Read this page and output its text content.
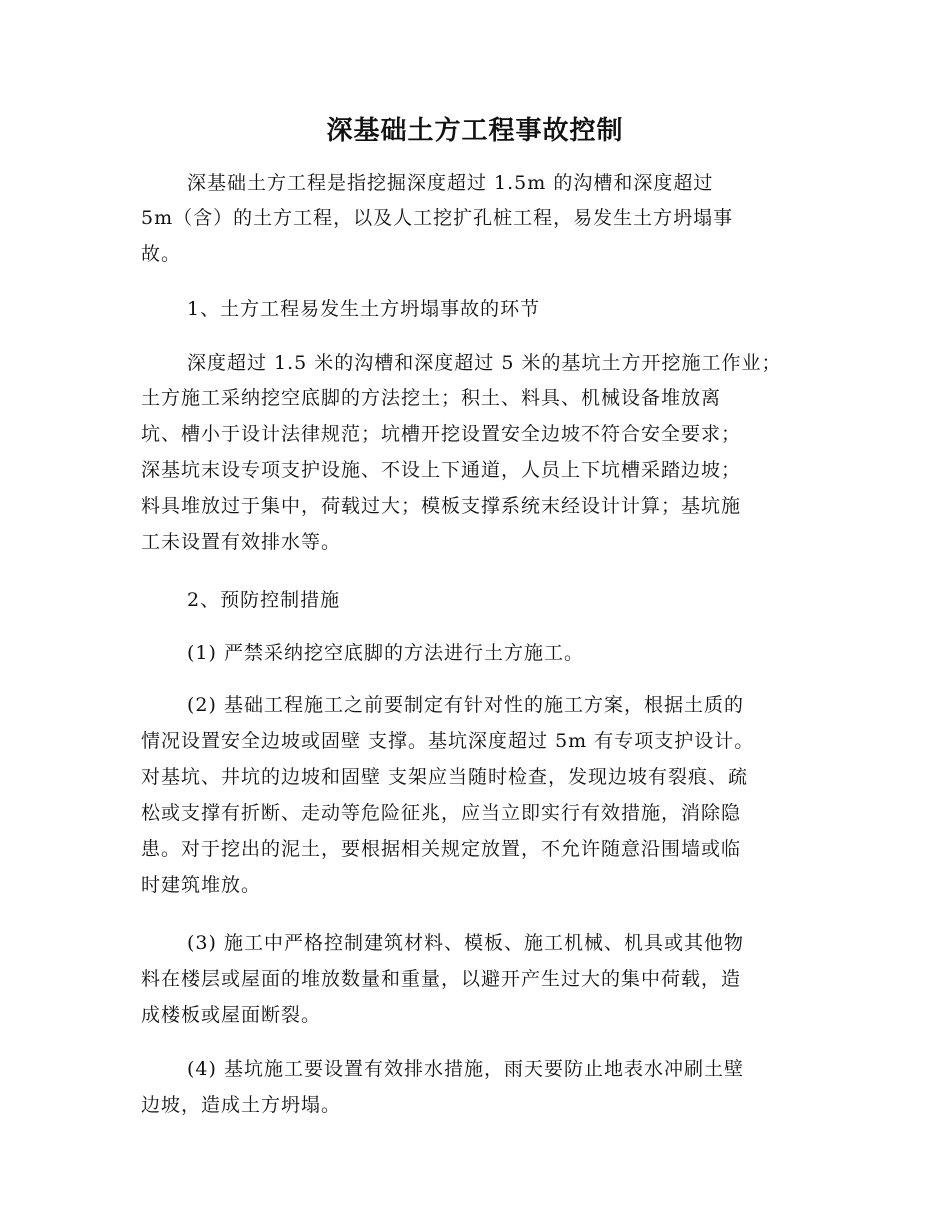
深基础土方工程事故控制

深基础土方工程是指挖掘深度超过 1.5m 的沟槽和深度超过

5m（含）的土方工程，以及人工挖扩孔桩工程，易发生土方坍塌事

故。

1、土方工程易发生土方坍塌事故的环节

深度超过 1.5 米的沟槽和深度超过 5 米的基坑土方开挖施工作业；

土方施工采纳挖空底脚的方法挖土；积土、料具、机械设备堆放离

坑、槽小于设计法律规范；坑槽开挖设置安全边坡不符合安全要求；

深基坑末设专项支护设施、不设上下通道，人员上下坑槽采踏边坡；

料具堆放过于集中，荷载过大；模板支撑系统末经设计计算；基坑施

工未设置有效排水等。

2、预防控制措施

(1) 严禁采纳挖空底脚的方法进行土方施工。

(2) 基础工程施工之前要制定有针对性的施工方案，根据土质的

情况设置安全边坡或固壁 支撑。基坑深度超过 5m 有专项支护设计。

对基坑、井坑的边坡和固壁 支架应当随时检查，发现边坡有裂痕、疏

松或支撑有折断、走动等危险征兆，应当立即实行有效措施，消除隐

患。对于挖出的泥土，要根据相关规定放置，不允许随意沿围墙或临

时建筑堆放。

(3) 施工中严格控制建筑材料、模板、施工机械、机具或其他物

料在楼层或屋面的堆放数量和重量，以避开产生过大的集中荷载，造

成楼板或屋面断裂。

(4) 基坑施工要设置有效排水措施，雨天要防止地表水冲刷土壁

边坡，造成土方坍塌。
